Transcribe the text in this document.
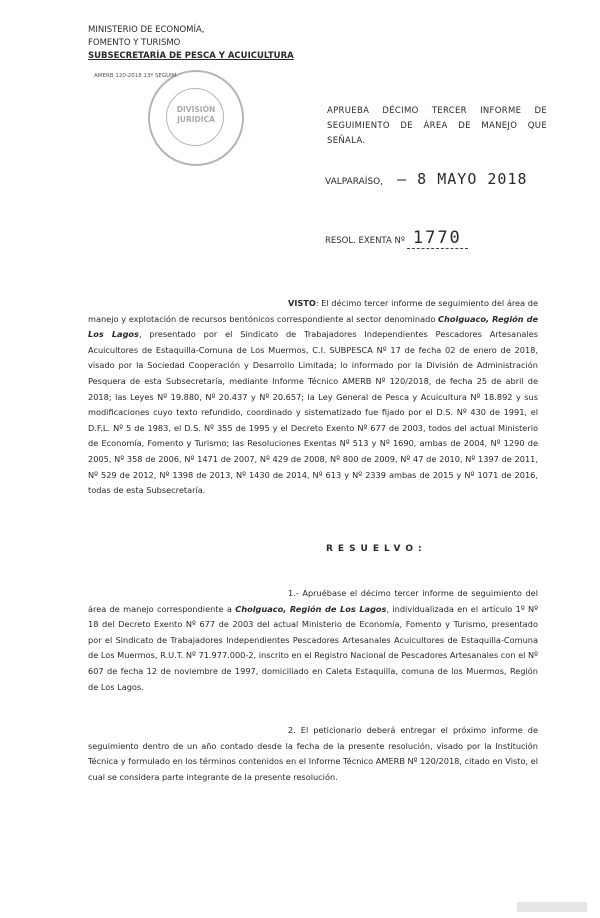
MINISTERIO DE ECONOMÍA,
FOMENTO Y TURISMO
SUBSECRETARÍA DE PESCA Y ACUICULTURA
AMERB 120-2018 13º SEGUIM.
DIVISIÓN
JURÍDICA
APRUEBA DÉCIMO TERCER INFORME DE SEGUIMIENTO DE ÁREA DE MANEJO QUE SEÑALA.
VALPARAÍSO, – 8 MAYO 2018
RESOL. EXENTA Nº 1770
VISTO: El décimo tercer informe de seguimiento del área de manejo y explotación de recursos bentónicos correspondiente al sector denominado Cholguaco, Región de Los Lagos, presentado por el Sindicato de Trabajadores Independientes Pescadores Artesanales Acuicultores de Estaquilla-Comuna de Los Muermos, C.I. SUBPESCA Nº 17 de fecha 02 de enero de 2018, visado por la Sociedad Cooperación y Desarrollo Limitada; lo informado por la División de Administración Pesquera de esta Subsecretaría, mediante Informe Técnico AMERB Nº 120/2018, de fecha 25 de abril de 2018; las Leyes Nº 19.880, Nº 20.437 y Nº 20.657; la Ley General de Pesca y Acuicultura Nº 18.892 y sus modificaciones cuyo texto refundido, coordinado y sistematizado fue fijado por el D.S. Nº 430 de 1991, el D.F.L. Nº 5 de 1983, el D.S. Nº 355 de 1995 y el Decreto Exento Nº 677 de 2003, todos del actual Ministerio de Economía, Fomento y Turismo; las Resoluciones Exentas Nº 513 y Nº 1690, ambas de 2004, Nº 1290 de 2005, Nº 358 de 2006, Nº 1471 de 2007, Nº 429 de 2008, Nº 800 de 2009, Nº 47 de 2010, Nº 1397 de 2011, Nº 529 de 2012, Nº 1398 de 2013, Nº 1430 de 2014, Nº 613 y Nº 2339 ambas de 2015 y Nº 1071 de 2016, todas de esta Subsecretaría.
RESUELVO:
1.- Apruébase el décimo tercer informe de seguimiento del área de manejo correspondiente a Cholguaco, Región de Los Lagos, individualizada en el artículo 1º Nº 18 del Decreto Exento Nº 677 de 2003 del actual Ministerio de Economía, Fomento y Turismo, presentado por el Sindicato de Trabajadores Independientes Pescadores Artesanales Acuicultores de Estaquilla-Comuna de Los Muermos, R.U.T. Nº 71.977.000-2, inscrito en el Registro Nacional de Pescadores Artesanales con el Nº 607 de fecha 12 de noviembre de 1997, domiciliado en Caleta Estaquilla, comuna de los Muermos, Región de Los Lagos.
2. El peticionario deberá entregar el próximo informe de seguimiento dentro de un año contado desde la fecha de la presente resolución, visado por la Institución Técnica y formulado en los términos contenidos en el Informe Técnico AMERB Nº 120/2018, citado en Visto, el cual se considera parte integrante de la presente resolución.
